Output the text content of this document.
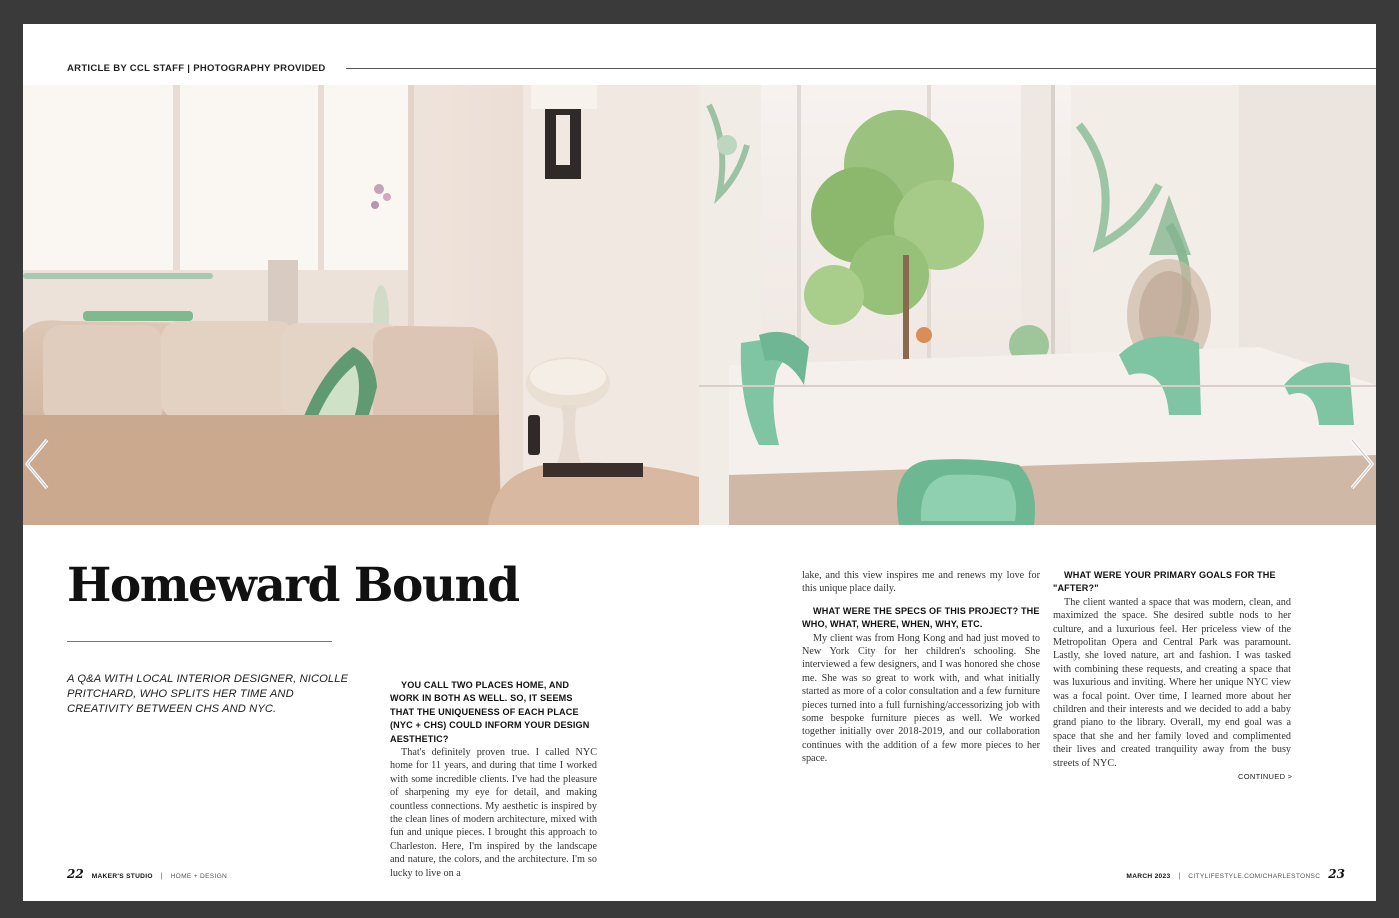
ARTICLE BY CCL STAFF | PHOTOGRAPHY PROVIDED
Homeward Bound
A Q&A WITH LOCAL INTERIOR DESIGNER, NICOLLE PRITCHARD, WHO SPLITS HER TIME AND CREATIVITY BETWEEN CHS AND NYC.

YOU CALL TWO PLACES HOME, AND WORK IN BOTH AS WELL. SO, IT SEEMS THAT THE UNIQUENESS OF EACH PLACE (NYC + CHS) COULD INFORM YOUR DESIGN AESTHETIC?

That's definitely proven true. I called NYC home for 11 years, and during that time I worked with some incredible clients. I've had the pleasure of sharpening my eye for detail, and making countless connections. My aesthetic is inspired by the clean lines of modern architecture, mixed with fun and unique pieces. I brought this approach to Charleston. Here, I'm inspired by the landscape and nature, the colors, and the architecture. I'm so lucky to live on a

lake, and this view inspires me and renews my love for this unique place daily.

WHAT WERE THE SPECS OF THIS PROJECT? THE WHO, WHAT, WHERE, WHEN, WHY, ETC.

My client was from Hong Kong and had just moved to New York City for her children's schooling. She interviewed a few designers, and I was honored she chose me. She was so great to work with, and what initially started as more of a color consultation and a few furniture pieces turned into a full furnishing/accessorizing job with some bespoke furniture pieces as well. We worked together initially over 2018-2019, and our collaboration continues with the addition of a few more pieces to her space.

WHAT WERE YOUR PRIMARY GOALS FOR THE "AFTER?"

The client wanted a space that was modern, clean, and maximized the space. She desired subtle nods to her culture, and a luxurious feel. Her priceless view of the Metropolitan Opera and Central Park was paramount. Lastly, she loved nature, art and fashion. I was tasked with combining these requests, and creating a space that was luxurious and inviting. Where her unique NYC view was a focal point. Over time, I learned more about her children and their interests and we decided to add a baby grand piano to the library. Overall, my end goal was a space that she and her family loved and complimented their lives and created tranquility away from the busy streets of NYC.

CONTINUED >
22 MAKER'S STUDIO | HOME + DESIGN	MARCH 2023 | CITYLIFESTYLE.COM/CHARLESTONSC 23
